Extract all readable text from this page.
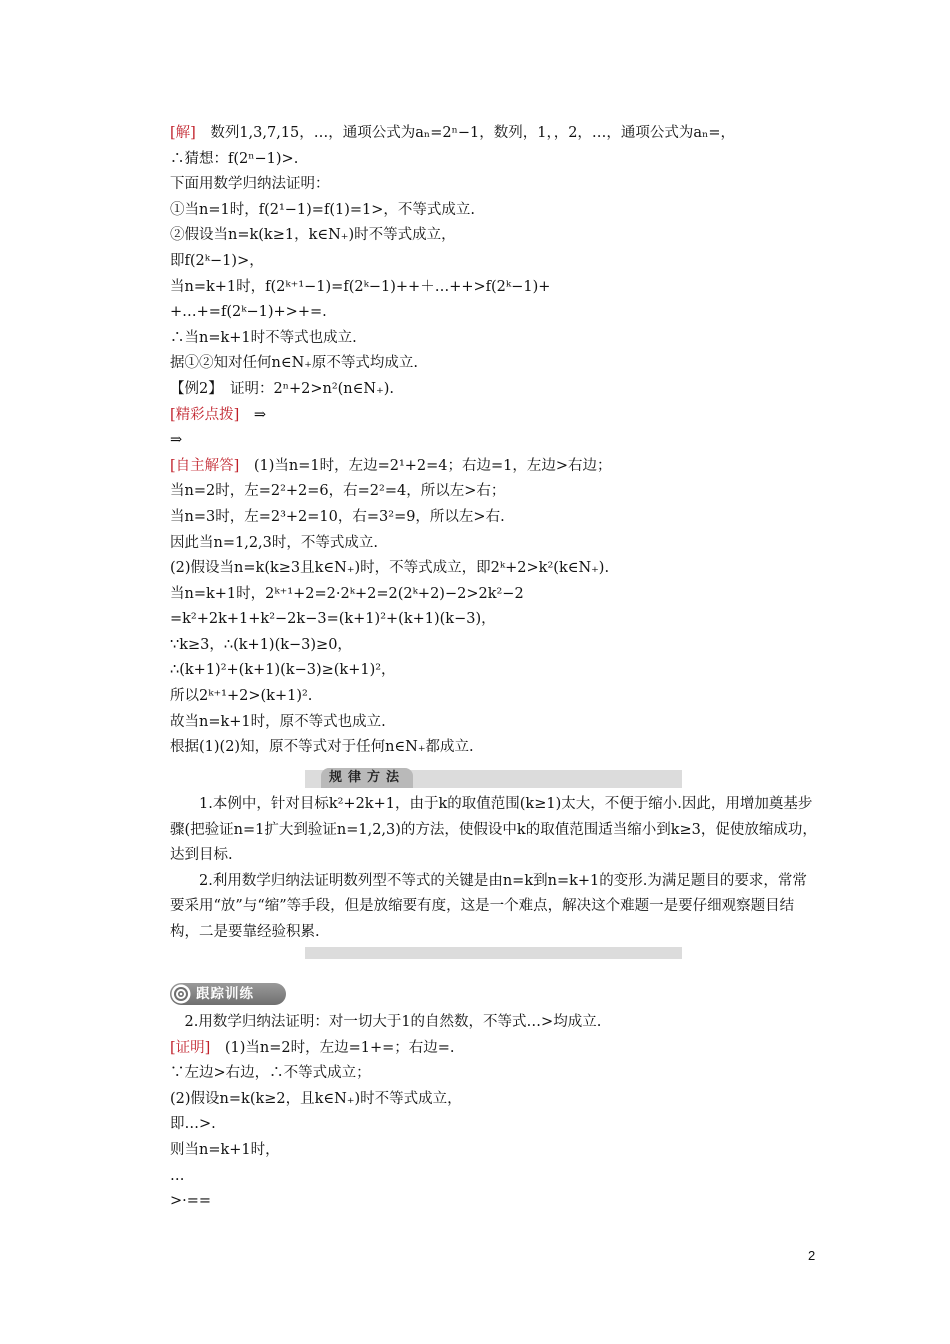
[解]　数列1,3,7,15，…，通项公式为aₙ=2ⁿ−1，数列，1，，2，…，通项公式为aₙ=，
∴猜想：f(2ⁿ−1)>.
下面用数学归纳法证明：
①当n=1时，f(2¹−1)=f(1)=1>，不等式成立.
②假设当n=k(k≥1，k∈N₊)时不等式成立，
即f(2ᵏ−1)>，
当n=k+1时，f(2ᵏ⁺¹−1)=f(2ᵏ−1)++＋…++>f(2ᵏ−1)+
+…+=f(2ᵏ−1)+>+=.
∴当n=k+1时不等式也成立.
据①②知对任何n∈N₊原不等式均成立.
【例2】　证明：2ⁿ+2>n²(n∈N₊).
[精彩点拨]　⇒
⇒
[自主解答]　(1)当n=1时，左边=2¹+2=4；右边=1，左边>右边；
当n=2时，左=2²+2=6，右=2²=4，所以左>右；
当n=3时，左=2³+2=10，右=3²=9，所以左>右.
因此当n=1,2,3时，不等式成立.
(2)假设当n=k(k≥3且k∈N₊)时，不等式成立，即2ᵏ+2>k²(k∈N₊).
当n=k+1时，2ᵏ⁺¹+2=2·2ᵏ+2=2(2ᵏ+2)−2>2k²−2
=k²+2k+1+k²−2k−3=(k+1)²+(k+1)(k−3)，
∵k≥3，∴(k+1)(k−3)≥0，
∴(k+1)²+(k+1)(k−3)≥(k+1)²，
所以2ᵏ⁺¹+2>(k+1)².
故当n=k+1时，原不等式也成立.
根据(1)(2)知，原不等式对于任何n∈N₊都成立.
规律方法
1.本例中，针对目标k²+2k+1，由于k的取值范围(k≥1)太大，不便于缩小.因此，用增加奠基步骤(把验证n=1扩大到验证n=1,2,3)的方法，使假设中k的取值范围适当缩小到k≥3，促使放缩成功，达到目标.
2.利用数学归纳法证明数列型不等式的关键是由n=k到n=k+1的变形.为满足题目的要求，常常要采用“放”与“缩”等手段，但是放缩要有度，这是一个难点，解决这个难题一是要仔细观察题目结构，二是要靠经验积累.
跟踪训练
　2.用数学归纳法证明：对一切大于1的自然数，不等式…>均成立.
[证明]　(1)当n=2时，左边=1+=；右边=.
∵左边>右边，∴不等式成立；
(2)假设n=k(k≥2，且k∈N₊)时不等式成立，
即…>.
则当n=k+1时，
…
>·==
2
